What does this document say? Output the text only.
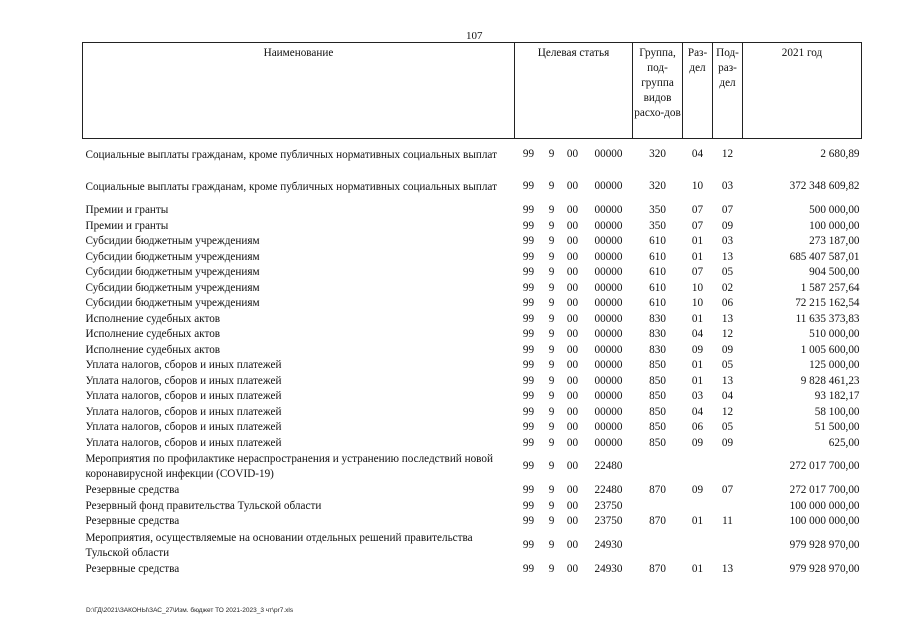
107
Наименование	Целевая статья				Группа, под-группа видов расхо-дов	Раз-дел	Под-раз-дел	2021 год
Социальные выплаты гражданам, кроме публичных нормативных социальных выплат	99	9	00	00000	320	04	12	2 680,89
Социальные выплаты гражданам, кроме публичных нормативных социальных выплат	99	9	00	00000	320	10	03	372 348 609,82
Премии и гранты	99	9	00	00000	350	07	07	500 000,00
Премии и гранты	99	9	00	00000	350	07	09	100 000,00
Субсидии бюджетным учреждениям	99	9	00	00000	610	01	03	273 187,00
Субсидии бюджетным учреждениям	99	9	00	00000	610	01	13	685 407 587,01
Субсидии бюджетным учреждениям	99	9	00	00000	610	07	05	904 500,00
Субсидии бюджетным учреждениям	99	9	00	00000	610	10	02	1 587 257,64
Субсидии бюджетным учреждениям	99	9	00	00000	610	10	06	72 215 162,54
Исполнение судебных актов	99	9	00	00000	830	01	13	11 635 373,83
Исполнение судебных актов	99	9	00	00000	830	04	12	510 000,00
Исполнение судебных актов	99	9	00	00000	830	09	09	1 005 600,00
Уплата налогов, сборов и иных платежей	99	9	00	00000	850	01	05	125 000,00
Уплата налогов, сборов и иных платежей	99	9	00	00000	850	01	13	9 828 461,23
Уплата налогов, сборов и иных платежей	99	9	00	00000	850	03	04	93 182,17
Уплата налогов, сборов и иных платежей	99	9	00	00000	850	04	12	58 100,00
Уплата налогов, сборов и иных платежей	99	9	00	00000	850	06	05	51 500,00
Уплата налогов, сборов и иных платежей	99	9	00	00000	850	09	09	625,00
Мероприятия по профилактике нераспространения и устранению последствий новой коронавирусной инфекции (COVID-19)	99	9	00	22480				272 017 700,00
Резервные средства	99	9	00	22480	870	09	07	272 017 700,00
Резервный фонд правительства Тульской области	99	9	00	23750				100 000 000,00
Резервные средства	99	9	00	23750	870	01	11	100 000 000,00
Мероприятия, осуществляемые на основании отдельных решений правительства Тульской области	99	9	00	24930				979 928 970,00
Резервные средства	99	9	00	24930	870	01	13	979 928 970,00
D:\ГД\2021\ЗАКОНЫ\ЗАС_27\Изм. бюджет ТО 2021-2023_3 чт\pr7.xls
